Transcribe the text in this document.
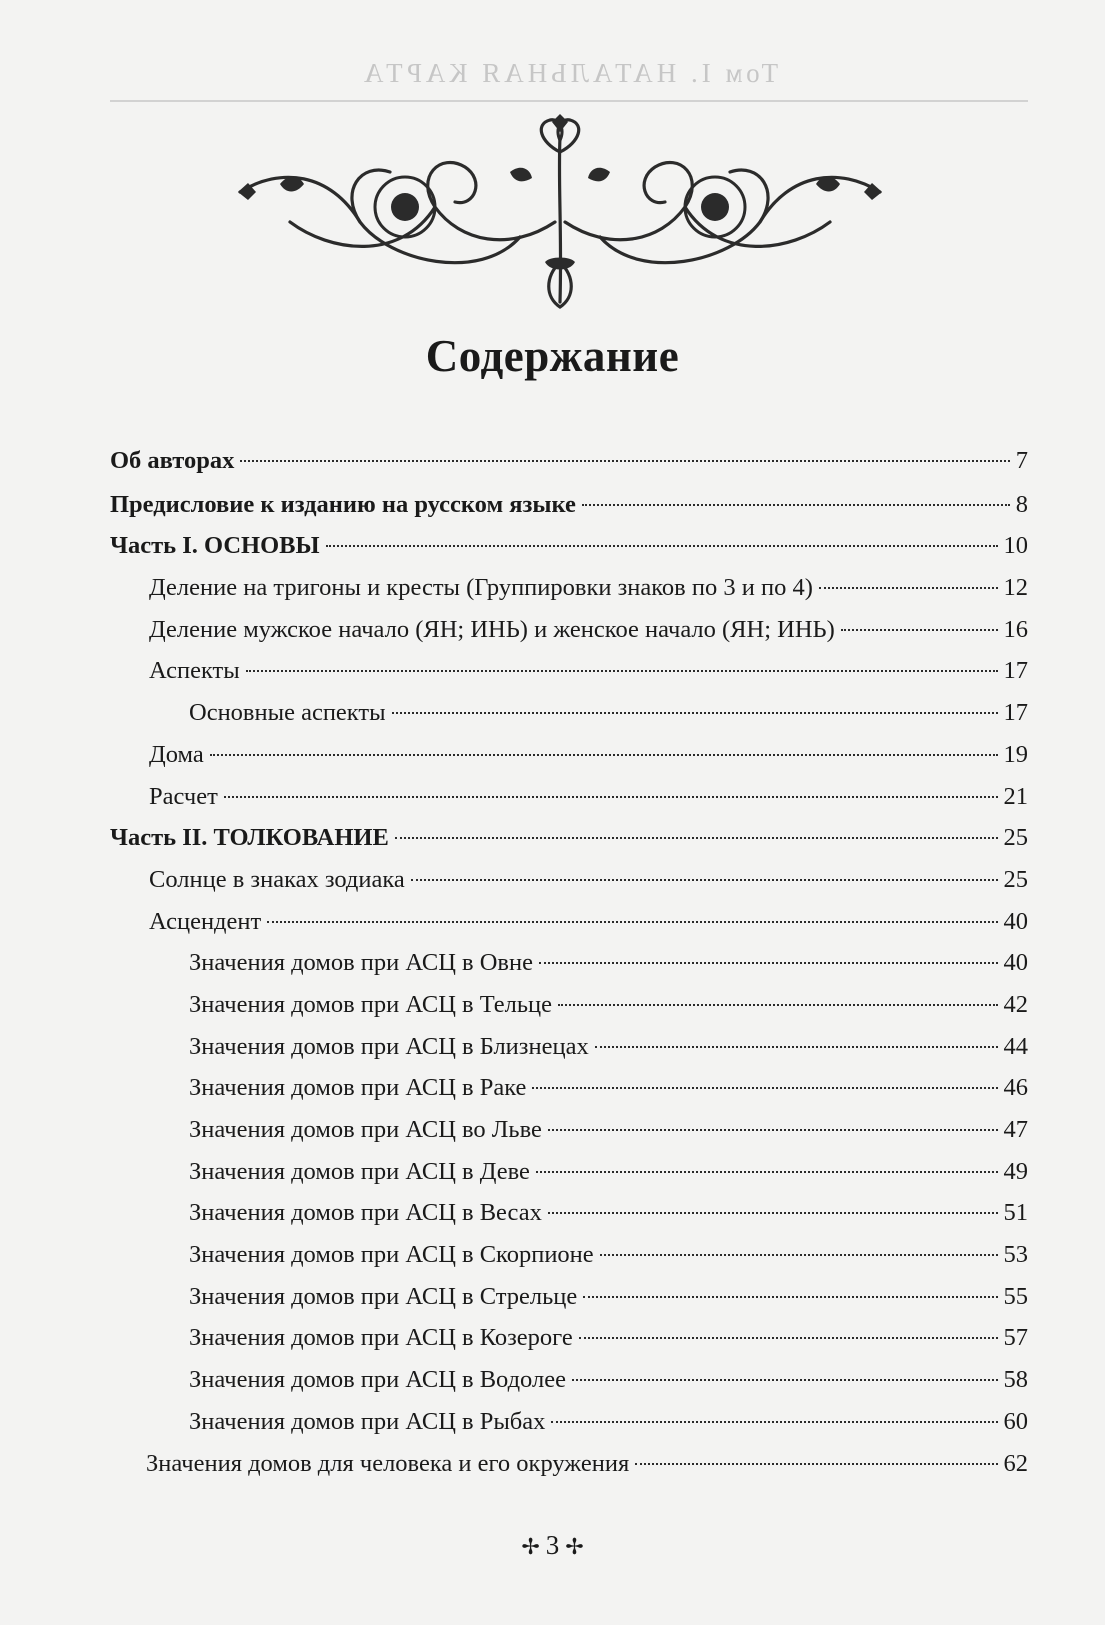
Том I. НАТАЛЬНАЯ КАРТА
Содержание
Об авторах	7
Предисловие к изданию на русском языке	8
Часть I. ОСНОВЫ	10
Деление на тригоны и кресты (Группировки знаков по 3 и по 4)	12
Деление мужское начало (ЯН; ИНЬ) и женское начало (ЯН; ИНЬ)	16
Аспекты	17
Основные аспекты	17
Дома	19
Расчет	21
Часть II. ТОЛКОВАНИЕ	25
Солнце в знаках зодиака	25
Асцендент	40
Значения домов при АСЦ в Овне	40
Значения домов при АСЦ в Тельце	42
Значения домов при АСЦ в Близнецах	44
Значения домов при АСЦ в Раке	46
Значения домов при АСЦ во Льве	47
Значения домов при АСЦ в Деве	49
Значения домов при АСЦ в Весах	51
Значения домов при АСЦ в Скорпионе	53
Значения домов при АСЦ в Стрельце	55
Значения домов при АСЦ в Козероге	57
Значения домов при АСЦ в Водолее	58
Значения домов при АСЦ в Рыбах	60
Значения домов для человека и его окружения	62
✢ 3 ✢
